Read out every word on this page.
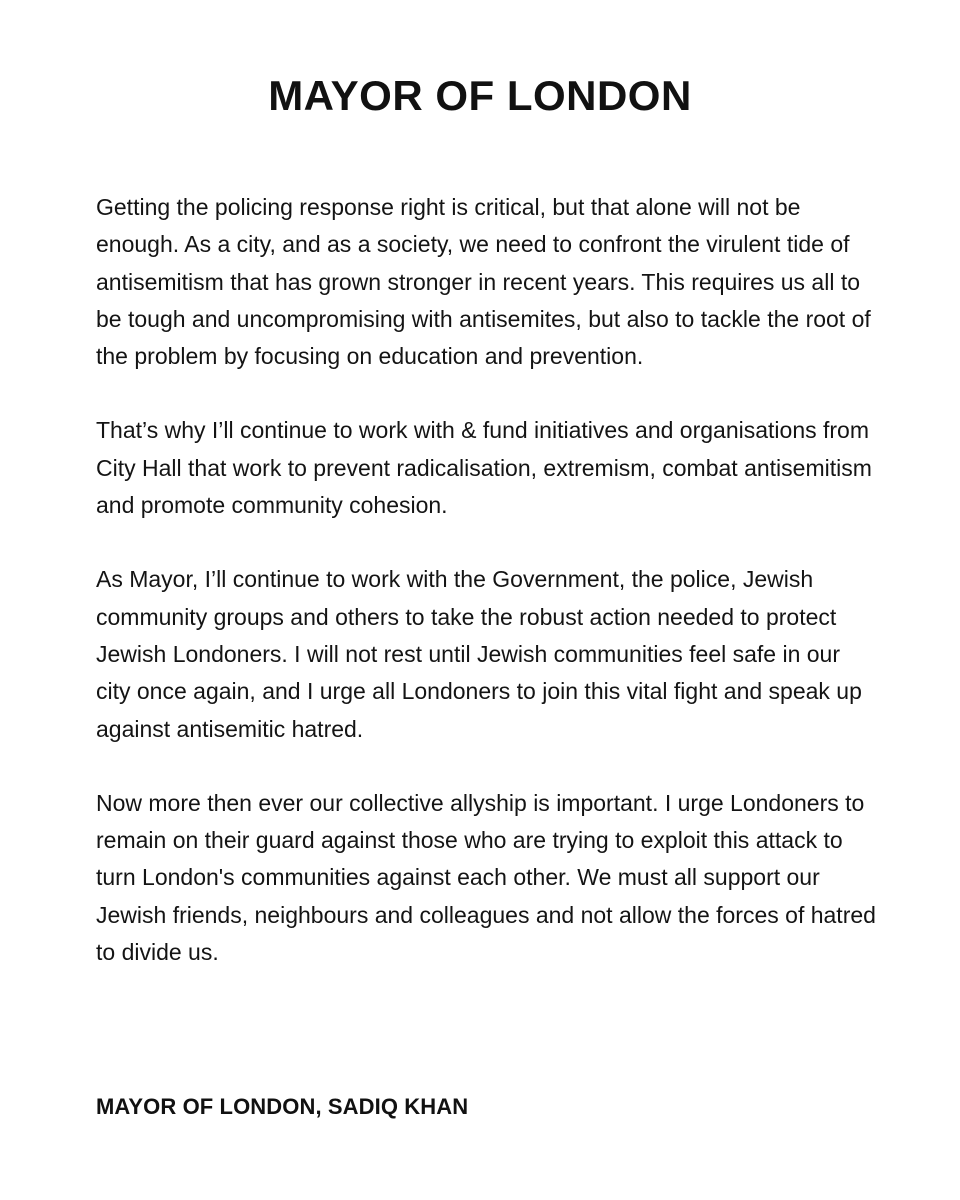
MAYOR OF LONDON

Getting the policing response right is critical, but that alone will not be enough. As a city, and as a society, we need to confront the virulent tide of antisemitism that has grown stronger in recent years. This requires us all to be tough and uncompromising with antisemites, but also to tackle the root of the problem by focusing on education and prevention.

That’s why I’ll continue to work with & fund initiatives and organisations from City Hall that work to prevent radicalisation, extremism, combat antisemitism and promote community cohesion.

As Mayor, I’ll continue to work with the Government, the police, Jewish community groups and others to take the robust action needed to protect Jewish Londoners. I will not rest until Jewish communities feel safe in our city once again, and I urge all Londoners to join this vital fight and speak up against antisemitic hatred.

Now more then ever our collective allyship is important. I urge Londoners to remain on their guard against those who are trying to exploit this attack to turn London's communities against each other. We must all support our Jewish friends, neighbours and colleagues and not allow the forces of hatred to divide us.

MAYOR OF LONDON, SADIQ KHAN
